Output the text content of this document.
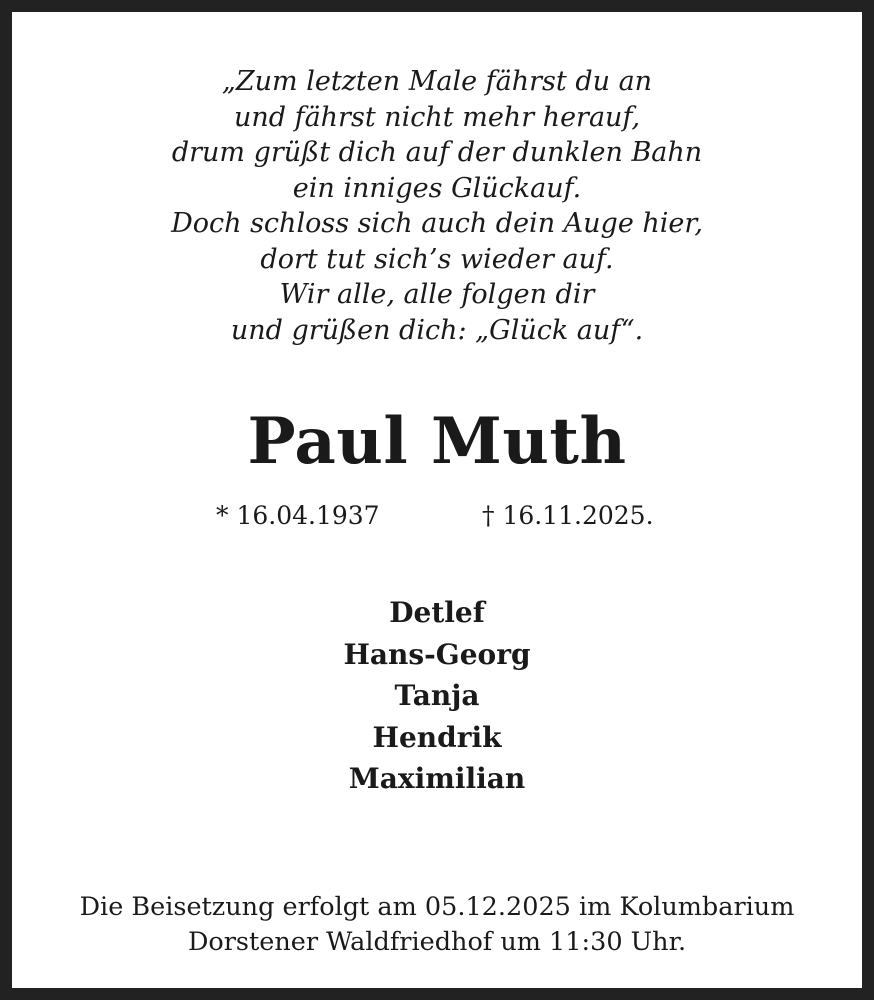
„Zum letzten Male fährst du an
und fährst nicht mehr herauf,
drum grüßt dich auf der dunklen Bahn
ein inniges Glückauf.
Doch schloss sich auch dein Auge hier,
dort tut sich’s wieder auf.
Wir alle, alle folgen dir
und grüßen dich: „Glück auf“.
Paul Muth
* 16.04.1937	† 16.11.2025.
Detlef
Hans-Georg
Tanja
Hendrik
Maximilian
Die Beisetzung erfolgt am 05.12.2025 im Kolumbarium
Dorstener Waldfriedhof um 11:30 Uhr.
